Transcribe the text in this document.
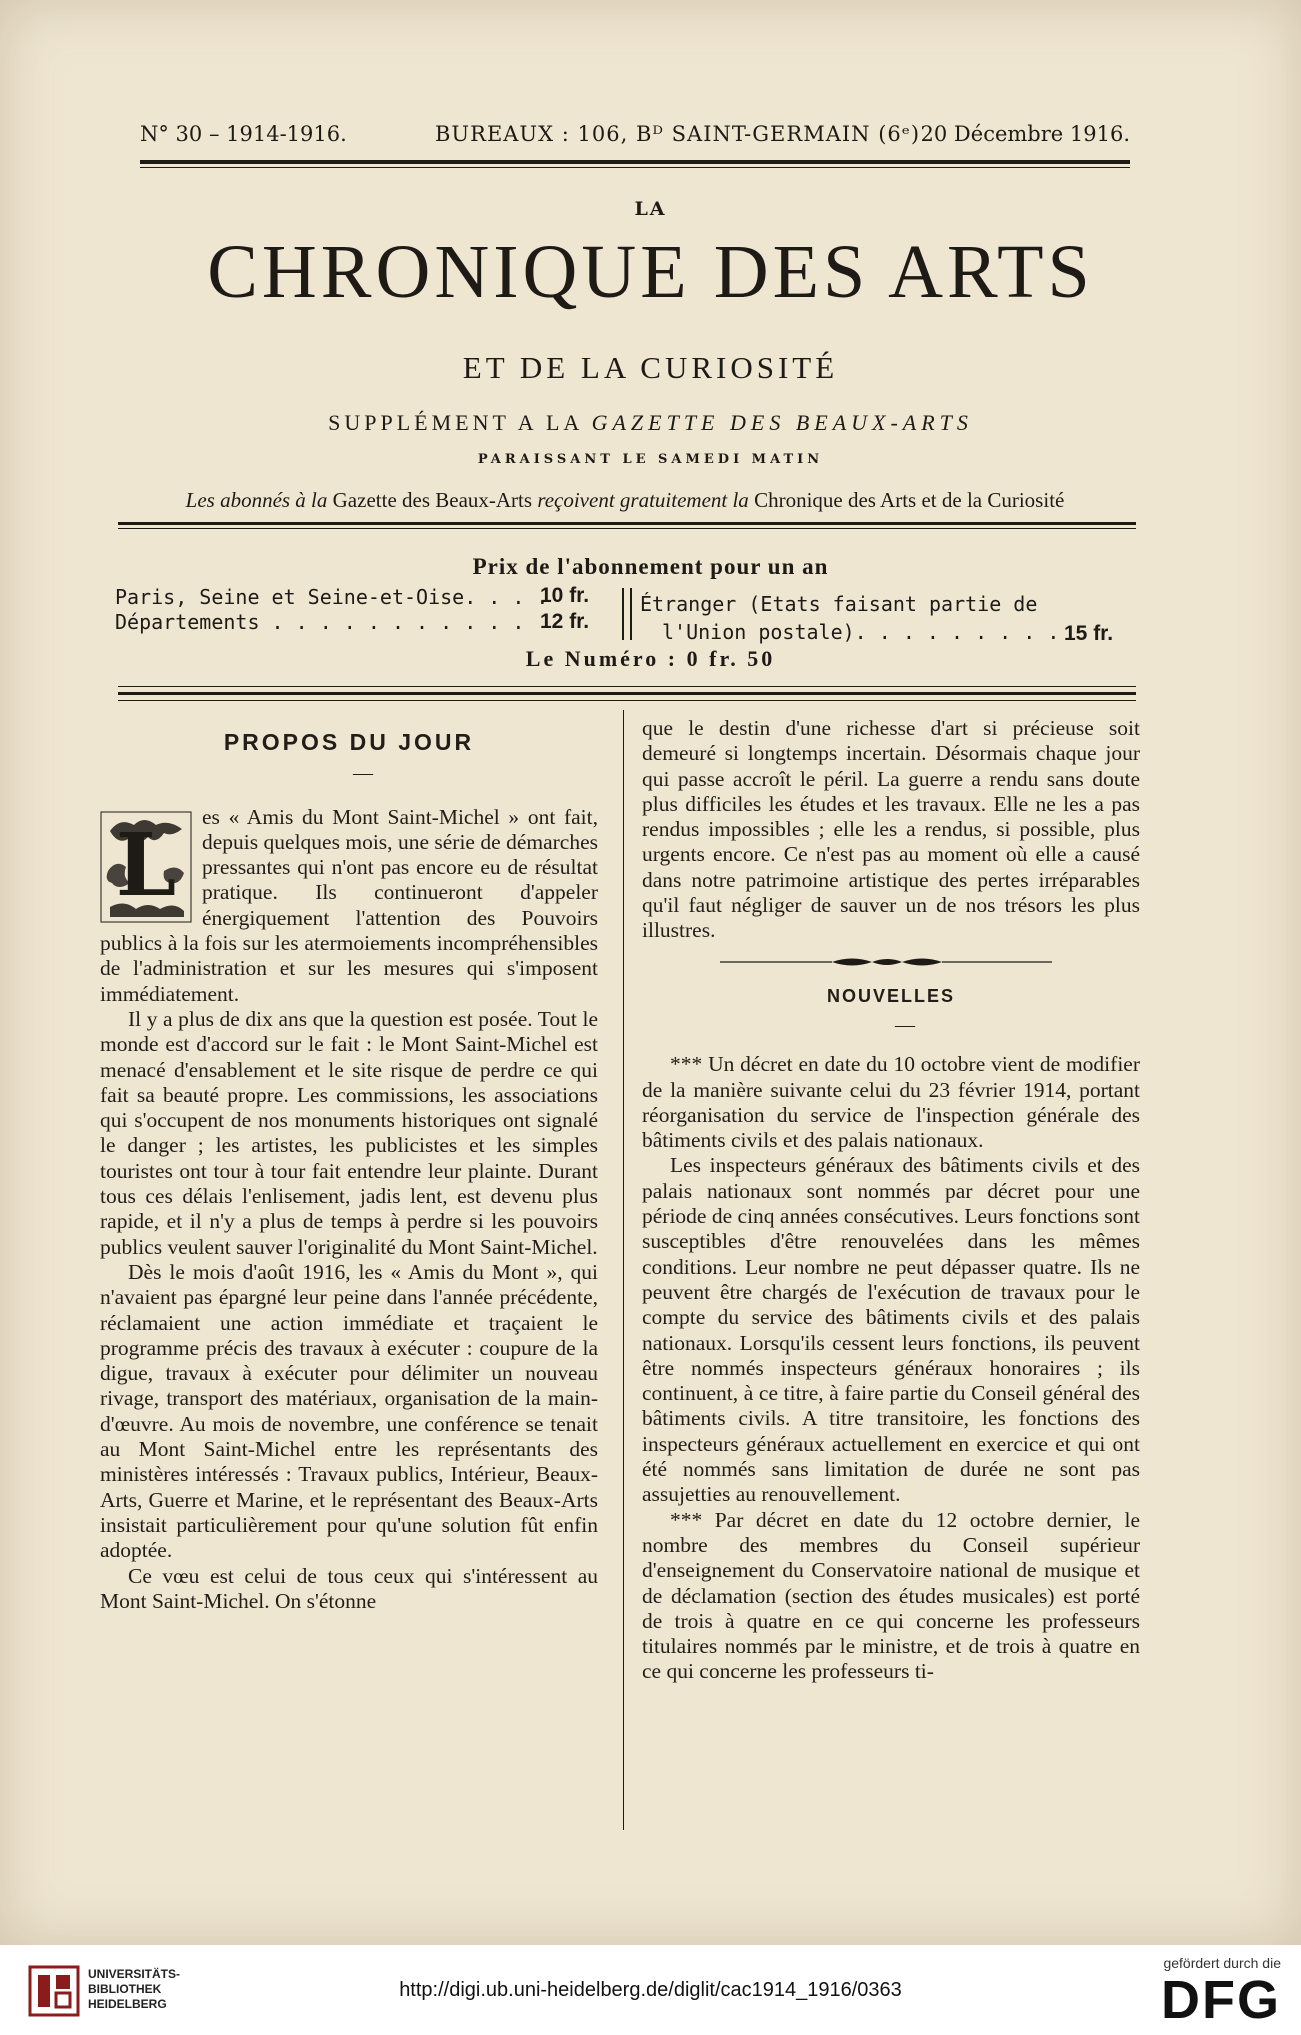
N° 30 – 1914-1916.	BUREAUX : 106, Bᴰ SAINT-GERMAIN (6ᵉ) 20 Décembre 1916.
LA
CHRONIQUE DES ARTS
ET DE LA CURIOSITÉ
SUPPLÉMENT A LA GAZETTE DES BEAUX-ARTS
PARAISSANT LE SAMEDI MATIN
Les abonnés à la Gazette des Beaux-Arts reçoivent gratuitement la Chronique des Arts et de la Curiosité
Prix de l'abonnement pour un an
Paris, Seine et Seine-et-Oise. . . .
10 fr.
Départements . . . . . . . . . . . 12 fr.
Étranger (Etats faisant partie de
l'Union postale). . . . . . . . . 15 fr.
Le Numéro : 0 fr. 50
PROPOS DU JOUR

—

L	es « Amis du Mont Saint-Michel » ont fait, depuis quelques mois, une série de démarches pressantes qui n'ont pas encore eu de résultat pratique. Ils continueront d'appeler énergiquement l'attention des Pouvoirs publics à la fois sur les atermoiements incompréhensibles de l'administration et sur les mesures qui s'imposent immédiatement.

Il y a plus de dix ans que la question est posée. Tout le monde est d'accord sur le fait : le Mont Saint-Michel est menacé d'ensablement et le site risque de perdre ce qui fait sa beauté propre. Les commissions, les associations qui s'occupent de nos monuments historiques ont signalé le danger ; les artistes, les publicistes et les simples touristes ont tour à tour fait entendre leur plainte. Durant tous ces délais l'enlisement, jadis lent, est devenu plus rapide, et il n'y a plus de temps à perdre si les pouvoirs publics veulent sauver l'originalité du Mont Saint-Michel.

Dès le mois d'août 1916, les « Amis du Mont », qui n'avaient pas épargné leur peine dans l'année précédente, réclamaient une action immédiate et traçaient le programme précis des travaux à exécuter : coupure de la digue, travaux à exécuter pour délimiter un nouveau rivage, transport des matériaux, organisation de la main-d'œuvre. Au mois de novembre, une conférence se tenait au Mont Saint-Michel entre les représentants des ministères intéressés : Travaux publics, Intérieur, Beaux-Arts, Guerre et Marine, et le représentant des Beaux-Arts insistait particulièrement pour qu'une solution fût enfin adoptée.

Ce vœu est celui de tous ceux qui s'intéressent au Mont Saint-Michel. On s'étonne

que le destin d'une richesse d'art si précieuse soit demeuré si longtemps incertain. Désormais chaque jour qui passe accroît le péril. La guerre a rendu sans doute plus difficiles les études et les travaux. Elle ne les a pas rendus impossibles ; elle les a rendus, si possible, plus urgents encore. Ce n'est pas au moment où elle a causé dans notre patrimoine artistique des pertes irréparables qu'il faut négliger de sauver un de nos trésors les plus illustres.

NOUVELLES

—

*** Un décret en date du 10 octobre vient de modifier de la manière suivante celui du 23 février 1914, portant réorganisation du service de l'inspection générale des bâtiments civils et des palais nationaux.

Les inspecteurs généraux des bâtiments civils et des palais nationaux sont nommés par décret pour une période de cinq années consécutives. Leurs fonctions sont susceptibles d'être renouvelées dans les mêmes conditions. Leur nombre ne peut dépasser quatre. Ils ne peuvent être chargés de l'exécution de travaux pour le compte du service des bâtiments civils et des palais nationaux. Lorsqu'ils cessent leurs fonctions, ils peuvent être nommés inspecteurs généraux honoraires ; ils continuent, à ce titre, à faire partie du Conseil général des bâtiments civils. A titre transitoire, les fonctions des inspecteurs généraux actuellement en exercice et qui ont été nommés sans limitation de durée ne sont pas assujetties au renouvellement.

*** Par décret en date du 12 octobre dernier, le nombre des membres du Conseil supérieur d'enseignement du Conservatoire national de musique et de déclamation (section des études musicales) est porté de trois à quatre en ce qui concerne les professeurs titulaires nommés par le ministre, et de trois à quatre en ce qui concerne les professeurs ti-

UNIVERSITÄTS-
BIBLIOTHEK
HEIDELBERG
http://digi.ub.uni-heidelberg.de/diglit/cac1914_1916/0363
gefördert durch die
DFG
